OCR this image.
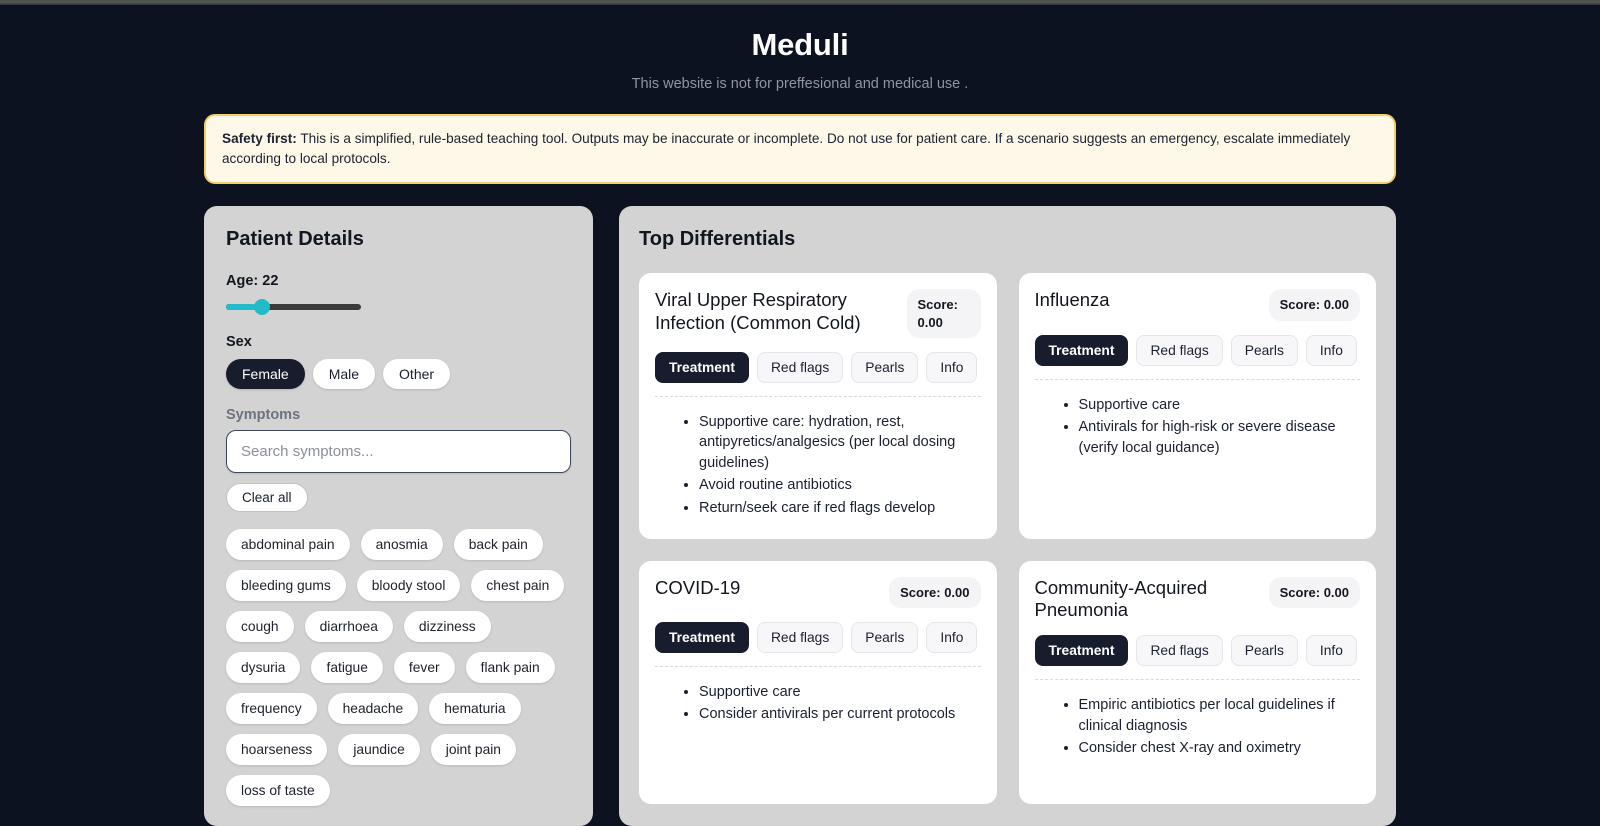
Meduli
This website is not for preffesional and medical use .
Safety first: This is a simplified, rule-based teaching tool. Outputs may be inaccurate or incomplete. Do not use for patient care. If a scenario suggests an emergency, escalate immediately according to local protocols.
Patient Details
Age: 22
Sex
Female	Male	Other
Symptoms
Search symptoms... Clear all
abdominal pain	anosmia	back pain
bleeding gums	bloody stool	chest pain
cough	diarrhoea	dizziness
dysuria	fatigue	fever	flank pain
frequency	headache	hematuria
hoarseness	jaundice	joint pain
loss of taste
Top Differentials
Viral Upper Respiratory Infection (Common Cold)
Score: 0.00
Treatment	Red flags	Pearls	Info
• Supportive care: hydration, rest, antipyretics/analgesics (per local dosing guidelines)
• Avoid routine antibiotics
• Return/seek care if red flags develop
Influenza	Score: 0.00
Treatment	Red flags	Pearls	Info
• Supportive care
• Antivirals for high-risk or severe disease (verify local guidance)
COVID-19	Score: 0.00
Treatment	Red flags	Pearls	Info
• Supportive care
• Consider antivirals per current protocols
Community-Acquired Pneumonia
Score: 0.00
Treatment	Red flags	Pearls	Info
• Empiric antibiotics per local guidelines if clinical diagnosis
• Consider chest X-ray and oximetry
